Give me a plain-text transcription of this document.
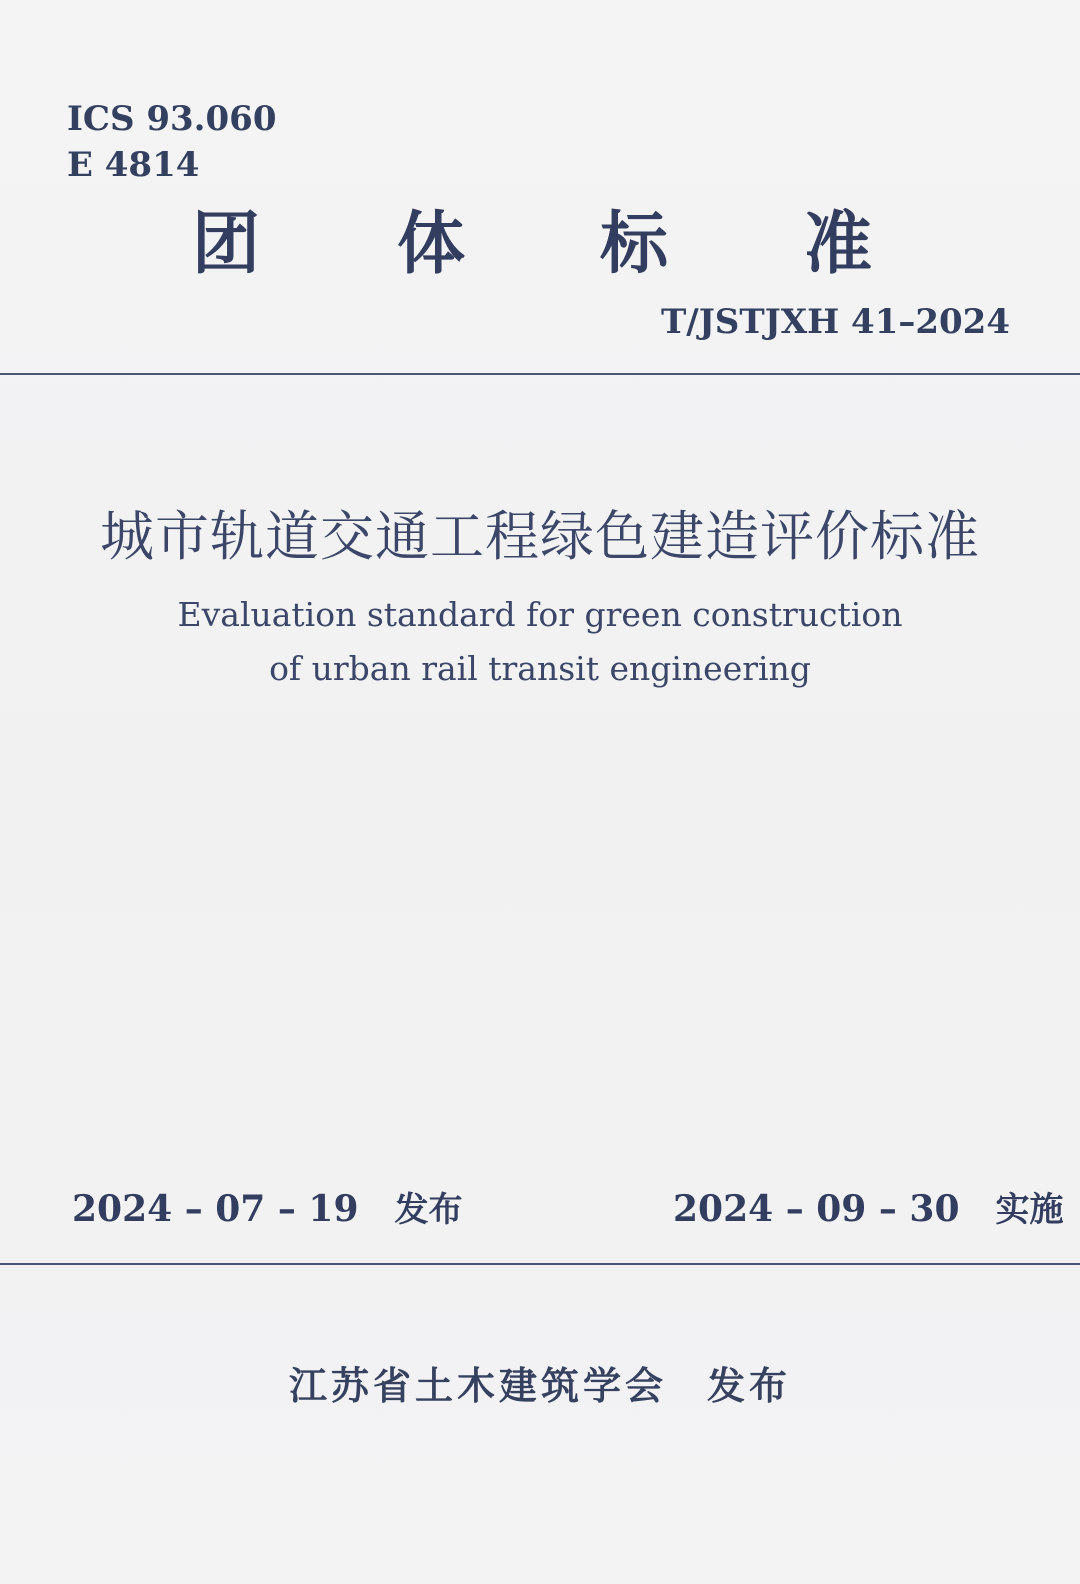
ICS 93.060
E 4814
团 体 标 准
T/JSTJXH 41–2024
城市轨道交通工程绿色建造评价标准
Evaluation standard for green construction
of urban rail transit engineering
2024 – 07 – 19 发布	2024 – 09 – 30 实施
江苏省土木建筑学会 发布
